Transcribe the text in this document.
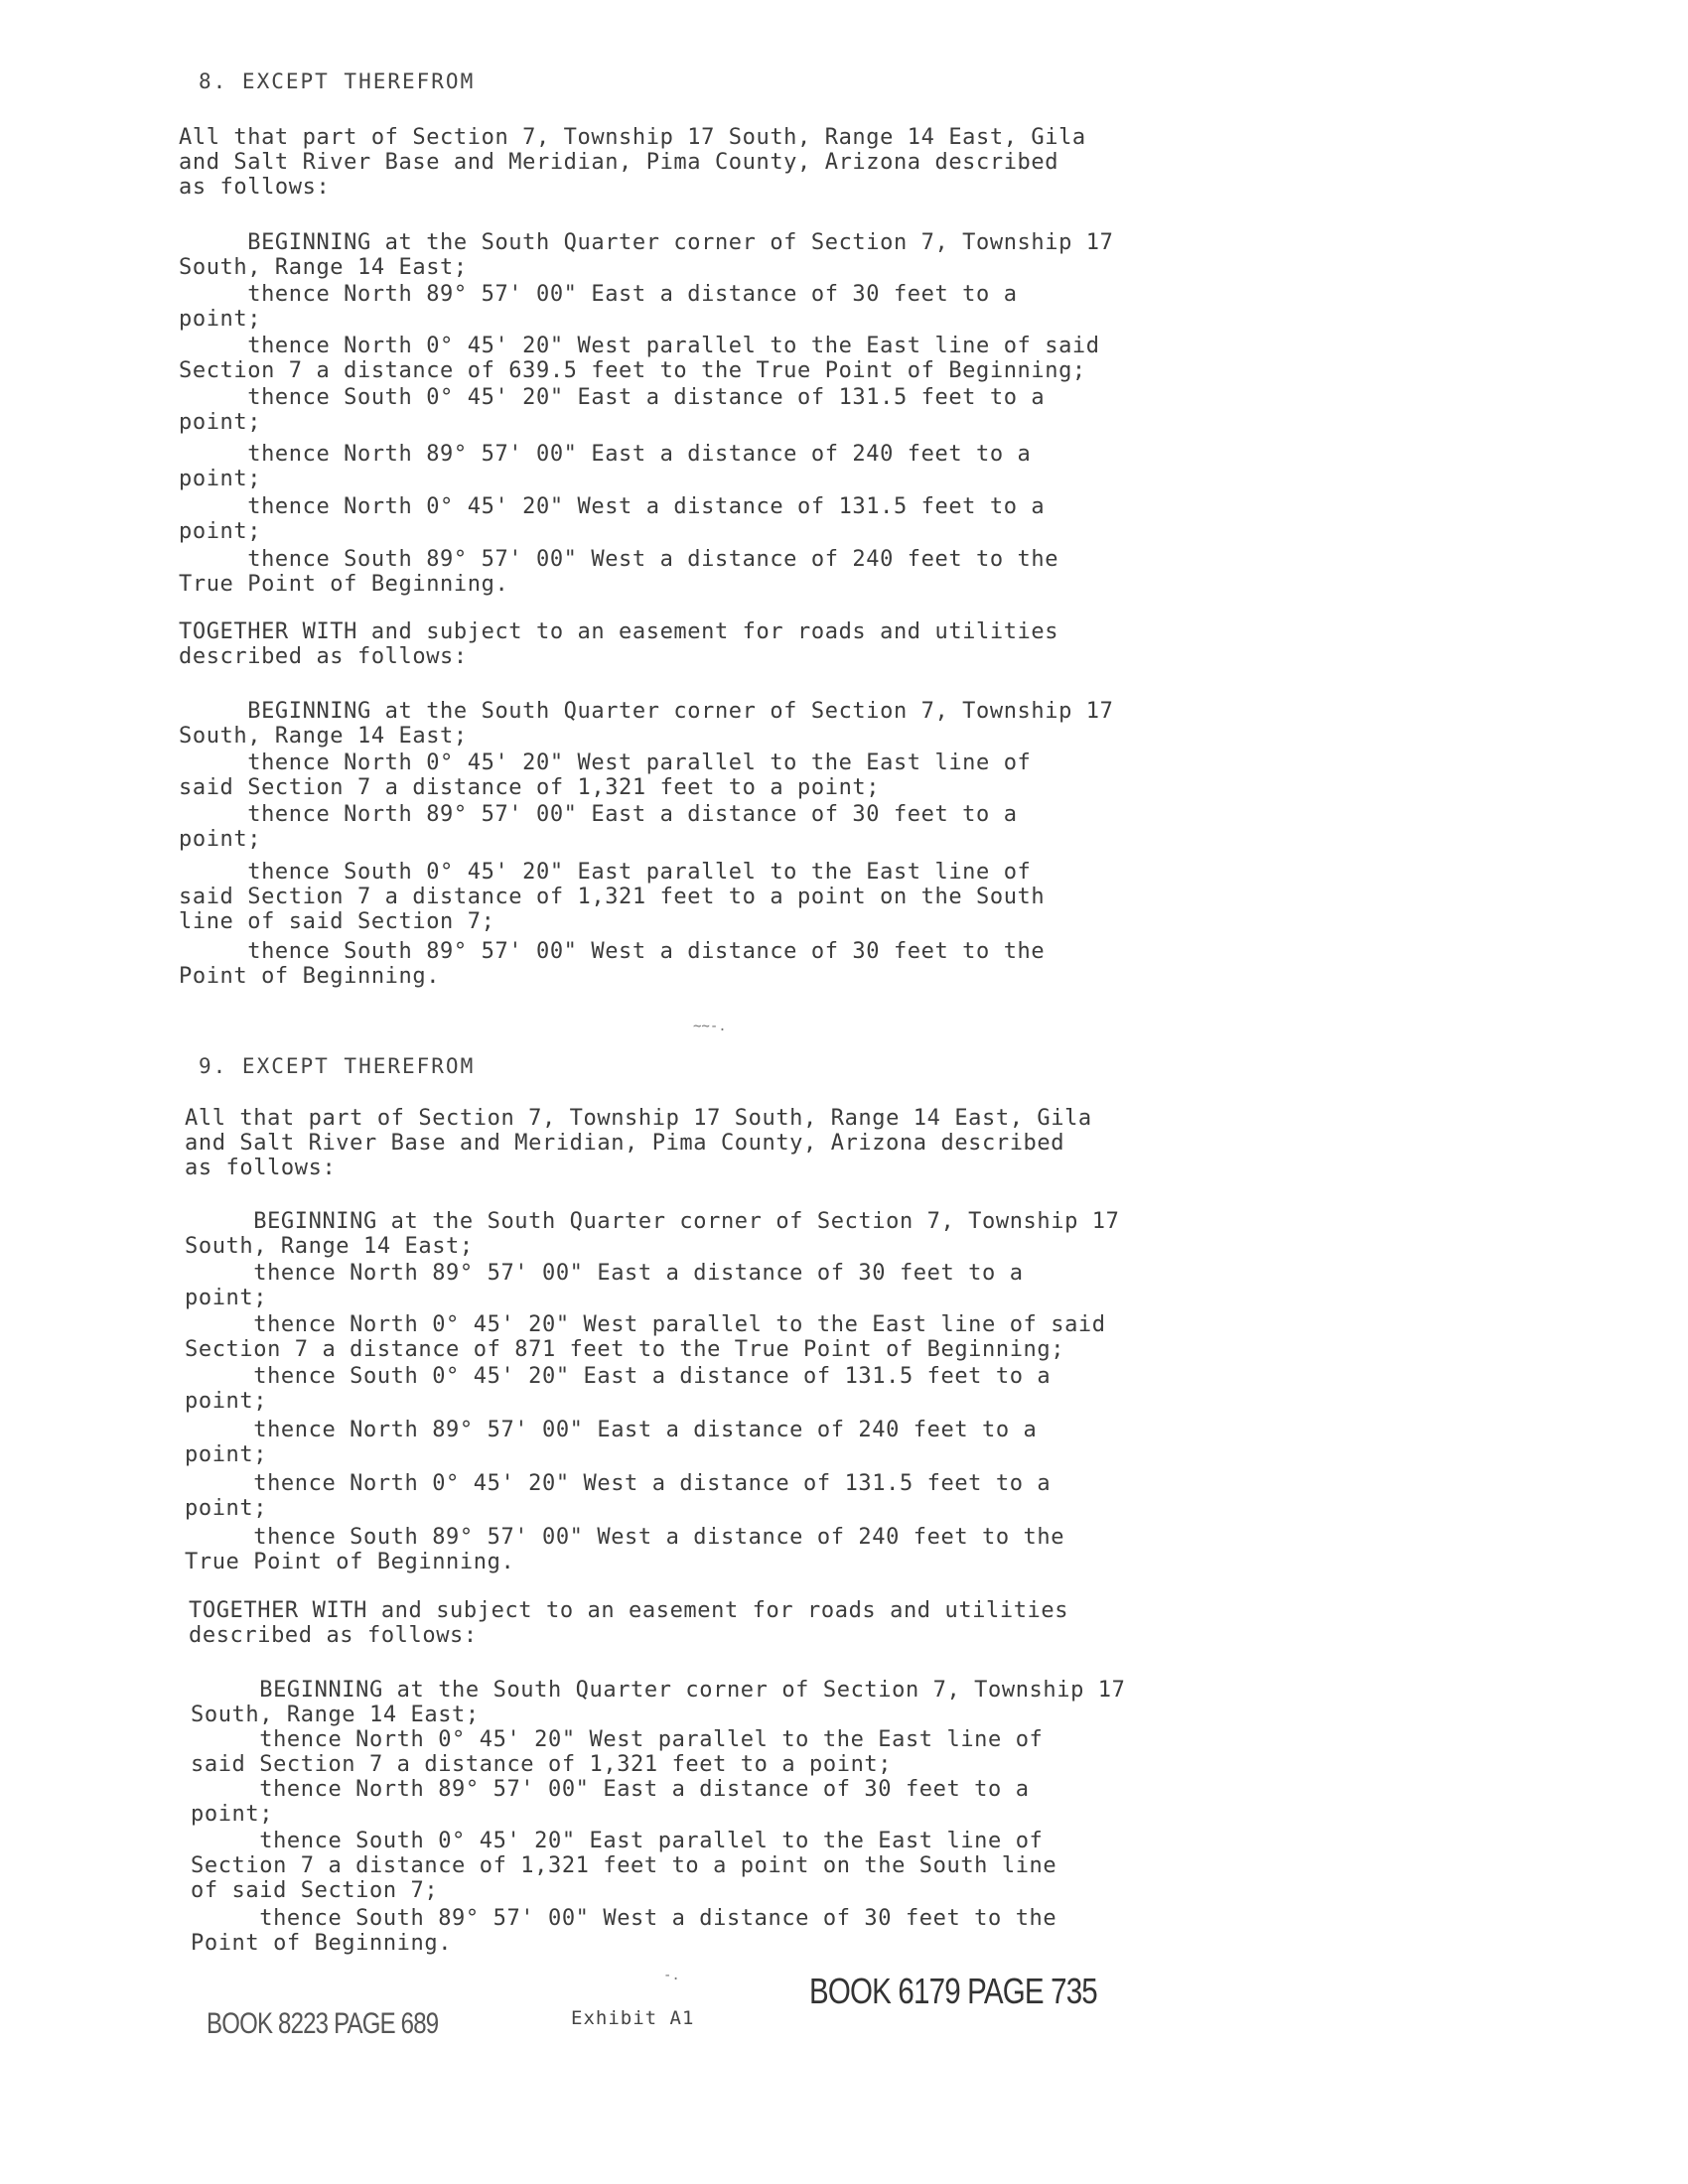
8. EXCEPT THEREFROM
All that part of Section 7, Township 17 South, Range 14 East, Gila
and Salt River Base and Meridian, Pima County, Arizona described
as follows:
BEGINNING at the South Quarter corner of Section 7, Township 17
South, Range 14 East;
thence North 89° 57' 00" East a distance of 30 feet to a
point;
thence North 0° 45' 20" West parallel to the East line of said
Section 7 a distance of 639.5 feet to the True Point of Beginning;
thence South 0° 45' 20" East a distance of 131.5 feet to a
point;
thence North 89° 57' 00" East a distance of 240 feet to a
point;
thence North 0° 45' 20" West a distance of 131.5 feet to a
point;
thence South 89° 57' 00" West a distance of 240 feet to the
True Point of Beginning.
TOGETHER WITH and subject to an easement for roads and utilities
described as follows:
BEGINNING at the South Quarter corner of Section 7, Township 17
South, Range 14 East;
thence North 0° 45' 20" West parallel to the East line of
said Section 7 a distance of 1,321 feet to a point;
thence North 89° 57' 00" East a distance of 30 feet to a
point;
thence South 0° 45' 20" East parallel to the East line of
said Section 7 a distance of 1,321 feet to a point on the South
line of said Section 7;
thence South 89° 57' 00" West a distance of 30 feet to the
Point of Beginning.
~~-.
9. EXCEPT THEREFROM
All that part of Section 7, Township 17 South, Range 14 East, Gila
and Salt River Base and Meridian, Pima County, Arizona described
as follows:
BEGINNING at the South Quarter corner of Section 7, Township 17
South, Range 14 East;
thence North 89° 57' 00" East a distance of 30 feet to a
point;
thence North 0° 45' 20" West parallel to the East line of said
Section 7 a distance of 871 feet to the True Point of Beginning;
thence South 0° 45' 20" East a distance of 131.5 feet to a
point;
thence North 89° 57' 00" East a distance of 240 feet to a
point;
thence North 0° 45' 20" West a distance of 131.5 feet to a
point;
thence South 89° 57' 00" West a distance of 240 feet to the
True Point of Beginning.
TOGETHER WITH and subject to an easement for roads and utilities
described as follows:
BEGINNING at the South Quarter corner of Section 7, Township 17
South, Range 14 East;
thence North 0° 45' 20" West parallel to the East line of
said Section 7 a distance of 1,321 feet to a point;
thence North 89° 57' 00" East a distance of 30 feet to a
point;
thence South 0° 45' 20" East parallel to the East line of
Section 7 a distance of 1,321 feet to a point on the South line
of said Section 7;
thence South 89° 57' 00" West a distance of 30 feet to the
Point of Beginning.
-.
BOOK 8223 PAGE 689	Exhibit A1
BOOK 6179 PAGE 735
